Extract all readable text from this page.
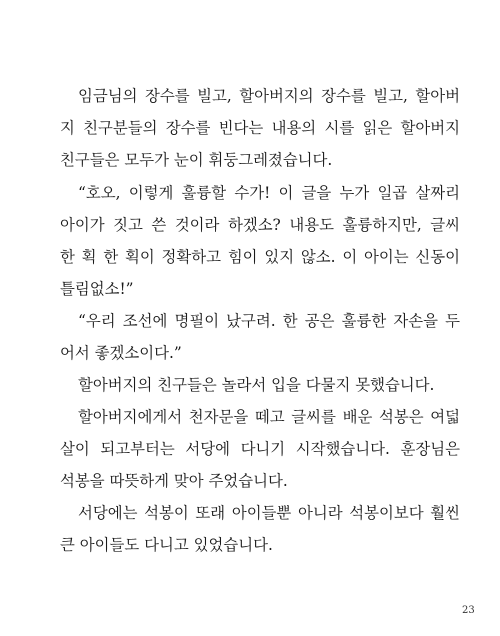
임금님의 장수를 빌고, 할아버지의 장수를 빌고, 할아버
지 친구분들의 장수를 빈다는 내용의 시를 읽은 할아버지
친구들은 모두가 눈이 휘둥그레졌습니다.
“호오, 이렇게 훌륭할 수가! 이 글을 누가 일곱 살짜리
아이가 짓고 쓴 것이라 하겠소? 내용도 훌륭하지만, 글씨
한 획 한 획이 정확하고 힘이 있지 않소. 이 아이는 신동이
틀림없소!”
“우리 조선에 명필이 났구려. 한 공은 훌륭한 자손을 두
어서 좋겠소이다.”
할아버지의 친구들은 놀라서 입을 다물지 못했습니다.
할아버지에게서 천자문을 떼고 글씨를 배운 석봉은 여덟
살이 되고부터는 서당에 다니기 시작했습니다. 훈장님은
석봉을 따뜻하게 맞아 주었습니다.
서당에는 석봉이 또래 아이들뿐 아니라 석봉이보다 훨씬
큰 아이들도 다니고 있었습니다.
23
